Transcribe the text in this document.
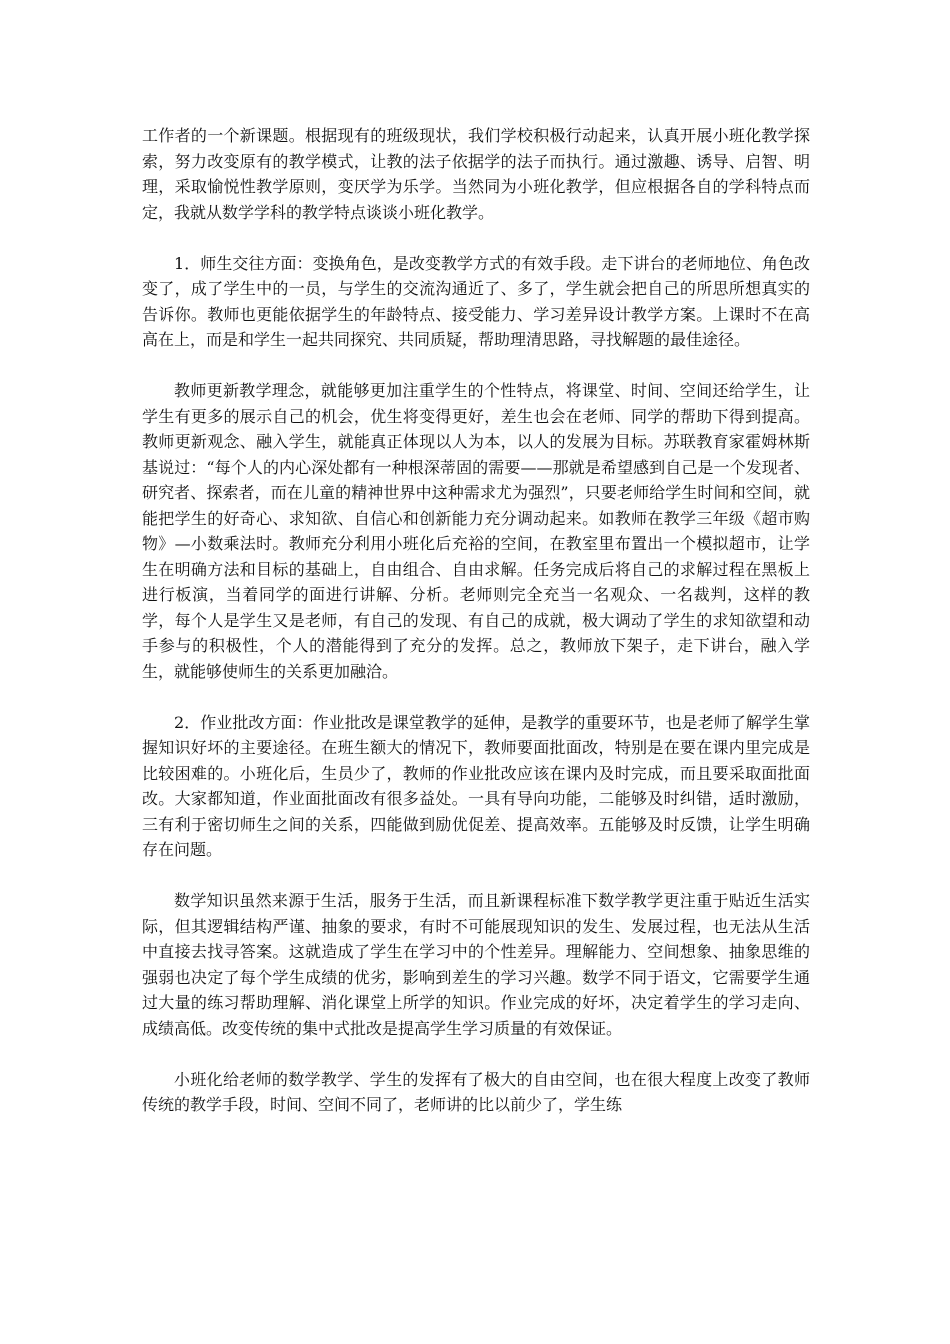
工作者的一个新课题。根据现有的班级现状，我们学校积极行动起来，认真开展小班化教学探索，努力改变原有的教学模式，让教的法子依据学的法子而执行。通过激趣、诱导、启智、明理，采取愉悦性教学原则，变厌学为乐学。当然同为小班化教学，但应根据各自的学科特点而定，我就从数学学科的教学特点谈谈小班化教学。

1．师生交往方面：变换角色，是改变教学方式的有效手段。走下讲台的老师地位、角色改变了，成了学生中的一员，与学生的交流沟通近了、多了，学生就会把自己的所思所想真实的告诉你。教师也更能依据学生的年龄特点、接受能力、学习差异设计教学方案。上课时不在高高在上，而是和学生一起共同探究、共同质疑，帮助理清思路，寻找解题的最佳途径。

教师更新教学理念，就能够更加注重学生的个性特点，将课堂、时间、空间还给学生，让学生有更多的展示自己的机会，优生将变得更好，差生也会在老师、同学的帮助下得到提高。教师更新观念、融入学生，就能真正体现以人为本，以人的发展为目标。苏联教育家霍姆林斯基说过：“每个人的内心深处都有一种根深蒂固的需要——那就是希望感到自己是一个发现者、研究者、探索者，而在儿童的精神世界中这种需求尤为强烈”，只要老师给学生时间和空间，就能把学生的好奇心、求知欲、自信心和创新能力充分调动起来。如教师在教学三年级《超市购物》—小数乘法时。教师充分利用小班化后充裕的空间，在教室里布置出一个模拟超市，让学生在明确方法和目标的基础上，自由组合、自由求解。任务完成后将自己的求解过程在黑板上进行板演，当着同学的面进行讲解、分析。老师则完全充当一名观众、一名裁判，这样的教学，每个人是学生又是老师，有自己的发现、有自己的成就，极大调动了学生的求知欲望和动手参与的积极性，个人的潜能得到了充分的发挥。总之，教师放下架子，走下讲台，融入学生，就能够使师生的关系更加融洽。

2．作业批改方面：作业批改是课堂教学的延伸，是教学的重要环节，也是老师了解学生掌握知识好坏的主要途径。在班生额大的情况下，教师要面批面改，特别是在要在课内里完成是比较困难的。小班化后，生员少了，教师的作业批改应该在课内及时完成，而且要采取面批面改。大家都知道，作业面批面改有很多益处。一具有导向功能，二能够及时纠错，适时激励，三有利于密切师生之间的关系，四能做到励优促差、提高效率。五能够及时反馈，让学生明确存在问题。

数学知识虽然来源于生活，服务于生活，而且新课程标准下数学教学更注重于贴近生活实际，但其逻辑结构严谨、抽象的要求，有时不可能展现知识的发生、发展过程，也无法从生活中直接去找寻答案。这就造成了学生在学习中的个性差异。理解能力、空间想象、抽象思维的强弱也决定了每个学生成绩的优劣，影响到差生的学习兴趣。数学不同于语文，它需要学生通过大量的练习帮助理解、消化课堂上所学的知识。作业完成的好坏，决定着学生的学习走向、成绩高低。改变传统的集中式批改是提高学生学习质量的有效保证。

小班化给老师的数学教学、学生的发挥有了极大的自由空间，也在很大程度上改变了教师传统的教学手段，时间、空间不同了，老师讲的比以前少了，学生练
